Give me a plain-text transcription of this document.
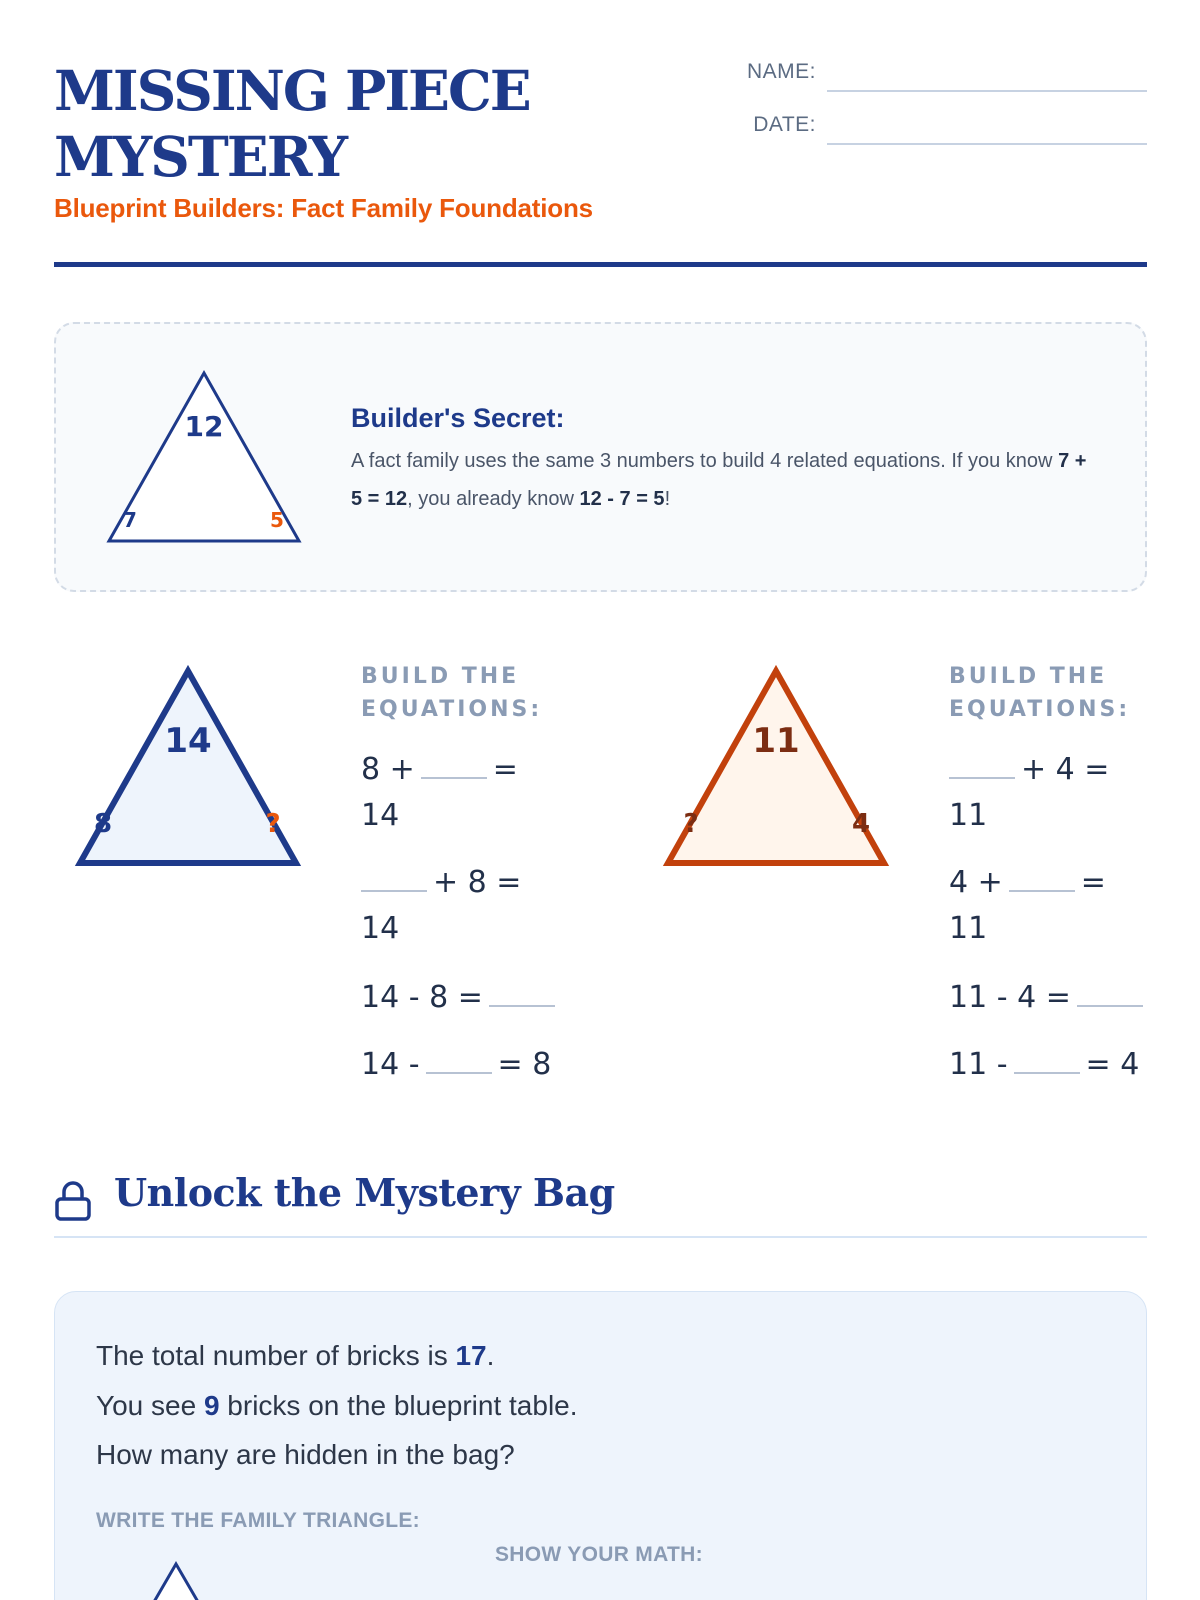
MISSING PIECE
MYSTERY
Blueprint Builders: Fact Family Foundations
NAME:
DATE:
12
7	5
Builder's Secret:
A fact family uses the same 3 numbers to build 4 related equations. If you know 7 + 5 = 12, you already know 12 - 7 = 5!
14
8	?
BUILD THE EQUATIONS:
8 +	=
14
+ 8 =
14
14 - 8 =
14 -	= 8
11
?	4
BUILD THE EQUATIONS:
+ 4 =
11
4 +	=
11
11 - 4 =
11 -	= 4
Unlock the Mystery Bag
The total number of bricks is 17.
You see 9 bricks on the blueprint table.
How many are hidden in the bag?
WRITE THE FAMILY TRIANGLE:
SHOW YOUR MATH:
